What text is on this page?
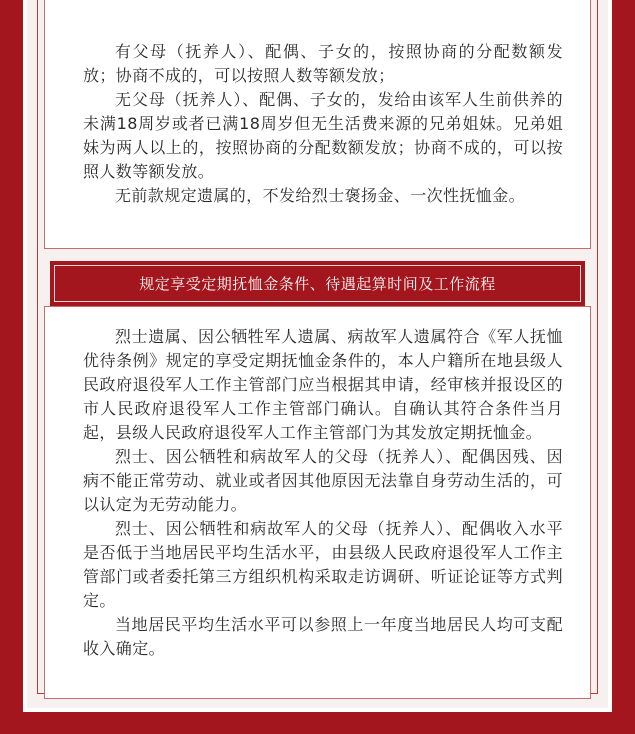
有父母（抚养人）、配偶、子女的，按照协商的分配数额发放；协商不成的，可以按照人数等额发放；

无父母（抚养人）、配偶、子女的，发给由该军人生前供养的未满18周岁或者已满18周岁但无生活费来源的兄弟姐妹。兄弟姐妹为两人以上的，按照协商的分配数额发放；协商不成的，可以按照人数等额发放。

无前款规定遗属的，不发给烈士褒扬金、一次性抚恤金。

规定享受定期抚恤金条件、待遇起算时间及工作流程

烈士遗属、因公牺牲军人遗属、病故军人遗属符合《军人抚恤优待条例》规定的享受定期抚恤金条件的，本人户籍所在地县级人民政府退役军人工作主管部门应当根据其申请，经审核并报设区的市人民政府退役军人工作主管部门确认。自确认其符合条件当月起，县级人民政府退役军人工作主管部门为其发放定期抚恤金。

烈士、因公牺牲和病故军人的父母（抚养人）、配偶因残、因病不能正常劳动、就业或者因其他原因无法靠自身劳动生活的，可以认定为无劳动能力。

烈士、因公牺牲和病故军人的父母（抚养人）、配偶收入水平是否低于当地居民平均生活水平，由县级人民政府退役军人工作主管部门或者委托第三方组织机构采取走访调研、听证论证等方式判定。

当地居民平均生活水平可以参照上一年度当地居民人均可支配收入确定。
